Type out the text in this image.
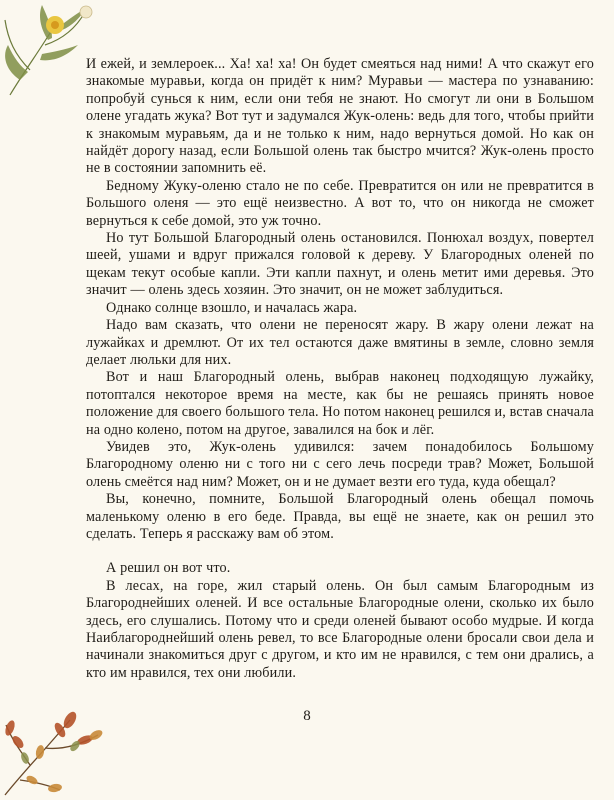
И ежей, и землероек... Ха! ха! ха! Он будет смеяться над ними! А что скажут его знакомые муравьи, когда он придёт к ним? Муравьи — мастера по узнаванию: попробуй сунься к ним, если они тебя не знают. Но смогут ли они в Большом олене угадать жука? Вот тут и задумался Жук-олень: ведь для того, чтобы прийти к знакомым муравьям, да и не только к ним, надо вернуться домой. Но как он найдёт дорогу назад, если Большой олень так быстро мчится? Жук-олень просто не в состоянии запомнить её.

Бедному Жуку-оленю стало не по себе. Превратится он или не превратится в Большого оленя — это ещё неизвестно. А вот то, что он никогда не сможет вернуться к себе домой, это уж точно.

Но тут Большой Благородный олень остановился. Понюхал воздух, повертел шеей, ушами и вдруг прижался головой к дереву. У Благородных оленей по щекам текут особые капли. Эти капли пахнут, и олень метит ими деревья. Это значит — олень здесь хозяин. Это значит, он не может заблудиться.

Однако солнце взошло, и началась жара.

Надо вам сказать, что олени не переносят жару. В жару олени лежат на лужайках и дремлют. От их тел остаются даже вмятины в земле, словно земля делает люльки для них.

Вот и наш Благородный олень, выбрав наконец подходящую лужайку, потоптался некоторое время на месте, как бы не решаясь принять новое положение для своего большого тела. Но потом наконец решился и, встав сначала на одно колено, потом на другое, завалился на бок и лёг.

Увидев это, Жук-олень удивился: зачем понадобилось Большому Благородному оленю ни с того ни с сего лечь посреди трав? Может, Большой олень смеётся над ним? Может, он и не думает везти его туда, куда обещал?

Вы, конечно, помните, Большой Благородный олень обещал помочь маленькому оленю в его беде. Правда, вы ещё не знаете, как он решил это сделать. Теперь я расскажу вам об этом.

А решил он вот что.

В лесах, на горе, жил старый олень. Он был самым Благородным из Благороднейших оленей. И все остальные Благородные олени, сколько их было здесь, его слушались. Потому что и среди оленей бывают особо мудрые. И когда Наиблагороднейший олень ревел, то все Благородные олени бросали свои дела и начинали знакомиться друг с другом, и кто им не нравился, с тем они дрались, а кто им нравился, тех они любили.

8
